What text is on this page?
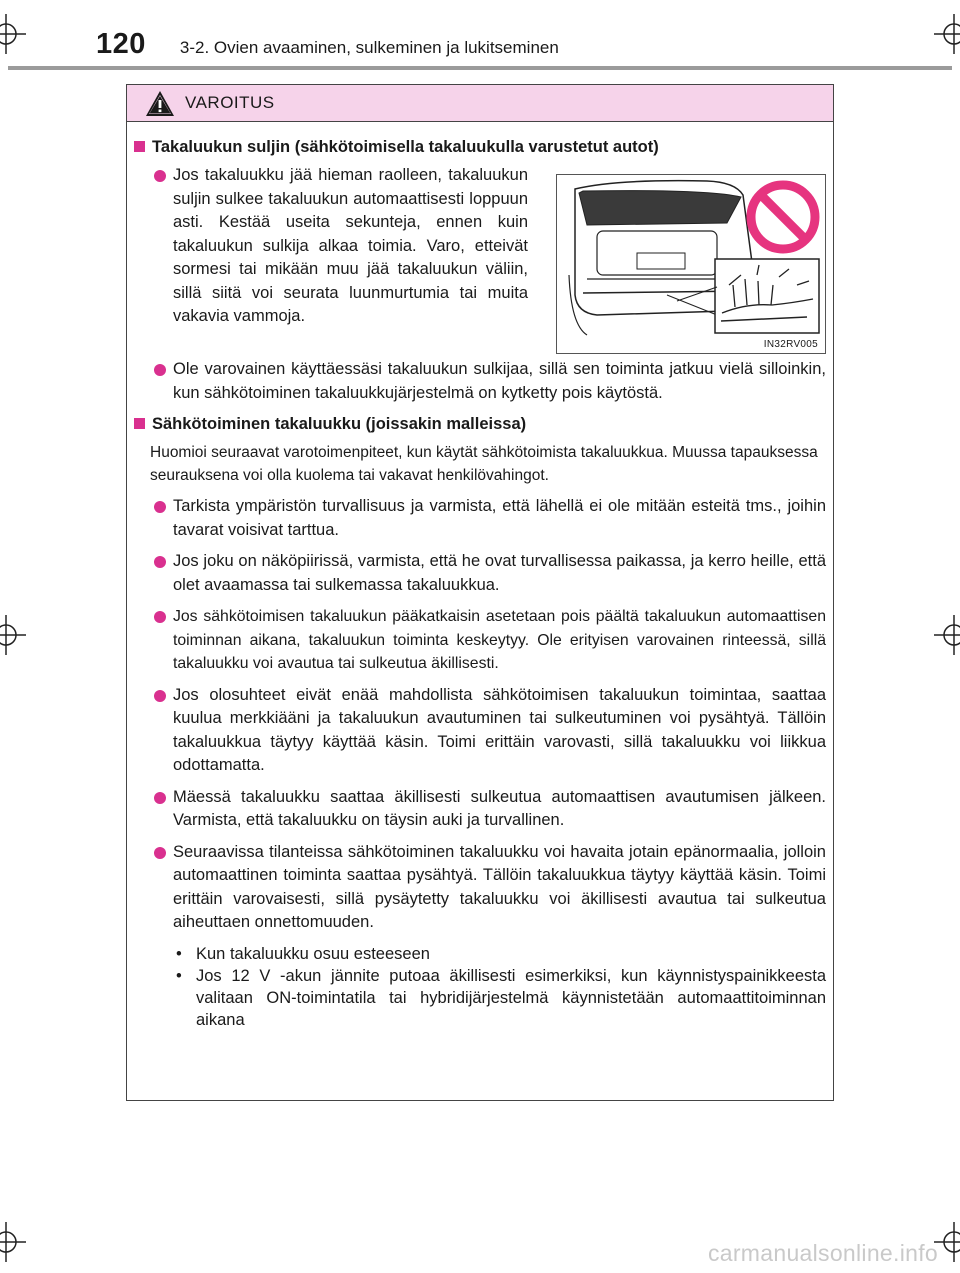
120 3-2. Ovien avaaminen, sulkeminen ja lukitseminen
VAROITUS
Takaluukun suljin (sähkötoimisella takaluukulla varustetut autot)
Jos takaluukku jää hieman raolleen, takaluukun suljin sulkee takaluukun automaattisesti loppuun asti. Kestää useita sekunteja, ennen kuin takaluukun sulkija alkaa toimia. Varo, etteivät sormesi tai mikään muu jää takaluukun väliin, sillä siitä voi seurata luunmurtumia tai muita vakavia vammoja.
IN32RV005
Ole varovainen käyttäessäsi takaluukun sulkijaa, sillä sen toiminta jatkuu vielä silloinkin, kun sähkötoiminen takaluukkujärjestelmä on kytketty pois käytöstä.
Sähkötoiminen takaluukku (joissakin malleissa)
Huomioi seuraavat varotoimenpiteet, kun käytät sähkötoimista takaluukkua. Muussa tapauksessa seurauksena voi olla kuolema tai vakavat henkilövahingot.
Tarkista ympäristön turvallisuus ja varmista, että lähellä ei ole mitään esteitä tms., joihin tavarat voisivat tarttua.
Jos joku on näköpiirissä, varmista, että he ovat turvallisessa paikassa, ja kerro heille, että olet avaamassa tai sulkemassa takaluukkua.
Jos sähkötoimisen takaluukun pääkatkaisin asetetaan pois päältä takaluukun automaattisen toiminnan aikana, takaluukun toiminta keskeytyy. Ole erityisen varovainen rinteessä, sillä takaluukku voi avautua tai sulkeutua äkillisesti.
Jos olosuhteet eivät enää mahdollista sähkötoimisen takaluukun toimintaa, saattaa kuulua merkkiääni ja takaluukun avautuminen tai sulkeutuminen voi pysähtyä. Tällöin takaluukkua täytyy käyttää käsin. Toimi erittäin varovasti, sillä takaluukku voi liikkua odottamatta.
Mäessä takaluukku saattaa äkillisesti sulkeutua automaattisen avautumisen jälkeen. Varmista, että takaluukku on täysin auki ja turvallinen.
Seuraavissa tilanteissa sähkötoiminen takaluukku voi havaita jotain epänormaalia, jolloin automaattinen toiminta saattaa pysähtyä. Tällöin takaluukkua täytyy käyttää käsin. Toimi erittäin varovaisesti, sillä pysäytetty takaluukku voi äkillisesti avautua tai sulkeutua aiheuttaen onnettomuuden.
• Kun takaluukku osuu esteeseen
• Jos 12 V -akun jännite putoaa äkillisesti esimerkiksi, kun käynnistyspainikkeesta valitaan ON-toimintatila tai hybridijärjestelmä käynnistetään automaattitoiminnan aikana
carmanualsonline.info
